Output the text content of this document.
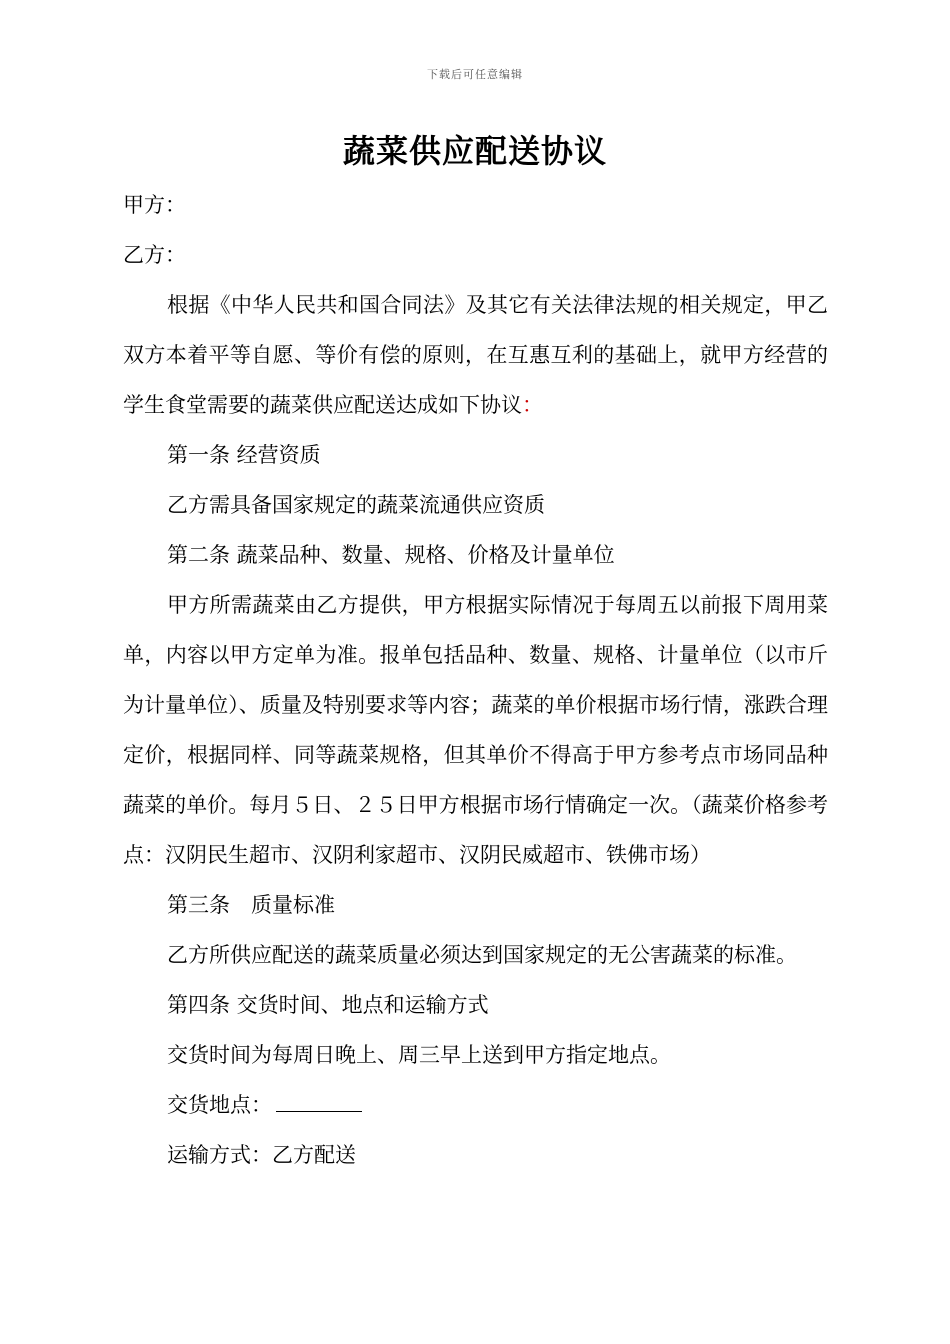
下载后可任意编辑
蔬菜供应配送协议

甲方：

乙方：

根据《中华人民共和国合同法》及其它有关法律法规的相关规定，甲乙双方本着平等自愿、等价有偿的原则，在互惠互利的基础上，就甲方经营的学生食堂需要的蔬菜供应配送达成如下协议：

第一条 经营资质

乙方需具备国家规定的蔬菜流通供应资质

第二条 蔬菜品种、数量、规格、价格及计量单位

甲方所需蔬菜由乙方提供，甲方根据实际情况于每周五以前报下周用菜单，内容以甲方定单为准。报单包括品种、数量、规格、计量单位（以市斤为计量单位）、质量及特别要求等内容；蔬菜的单价根据市场行情，涨跌合理定价，根据同样、同等蔬菜规格，但其单价不得高于甲方参考点市场同品种蔬菜的单价。每月５日、２５日甲方根据市场行情确定一次。（蔬菜价格参考点：汉阴民生超市、汉阴利家超市、汉阴民威超市、铁佛市场）

第三条　质量标准

乙方所供应配送的蔬菜质量必须达到国家规定的无公害蔬菜的标准。

第四条 交货时间、地点和运输方式

交货时间为每周日晚上、周三早上送到甲方指定地点。

交货地点：

运输方式：乙方配送
